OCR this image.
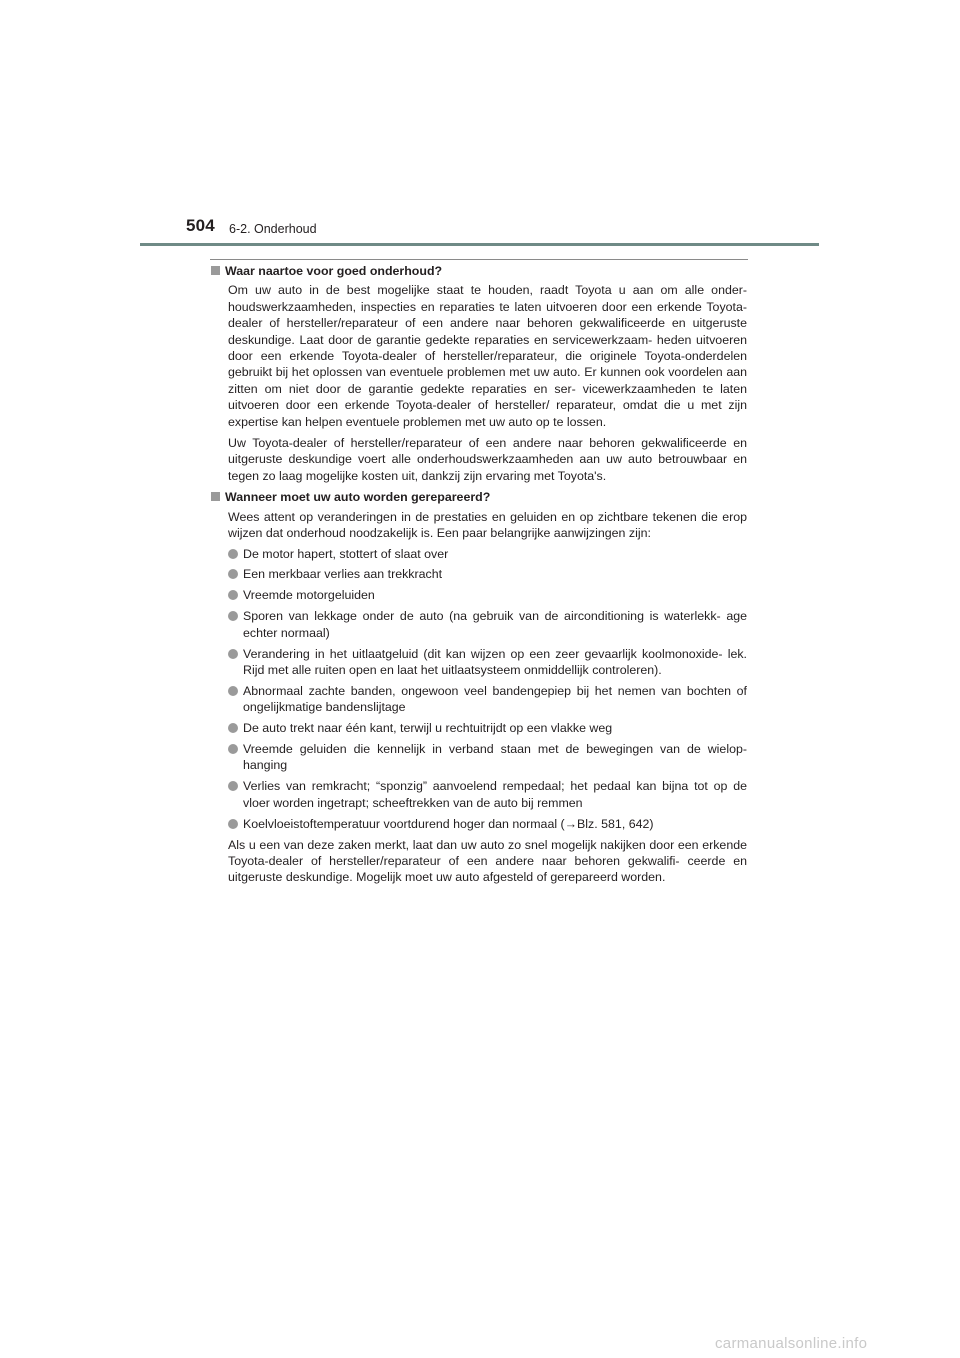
504 6-2. Onderhoud
Waar naartoe voor goed onderhoud?

Om uw auto in de best mogelijke staat te houden, raadt Toyota u aan om alle onder- houdswerkzaamheden, inspecties en reparaties te laten uitvoeren door een erkende Toyota-dealer of hersteller/reparateur of een andere naar behoren gekwalificeerde en uitgeruste deskundige. Laat door de garantie gedekte reparaties en servicewerkzaam- heden uitvoeren door een erkende Toyota-dealer of hersteller/reparateur, die originele Toyota-onderdelen gebruikt bij het oplossen van eventuele problemen met uw auto. Er kunnen ook voordelen aan zitten om niet door de garantie gedekte reparaties en ser- vicewerkzaamheden te laten uitvoeren door een erkende Toyota-dealer of hersteller/ reparateur, omdat die u met zijn expertise kan helpen eventuele problemen met uw auto op te lossen.

Uw Toyota-dealer of hersteller/reparateur of een andere naar behoren gekwalificeerde en uitgeruste deskundige voert alle onderhoudswerkzaamheden aan uw auto betrouwbaar en tegen zo laag mogelijke kosten uit, dankzij zijn ervaring met Toyota's.

Wanneer moet uw auto worden gerepareerd?

Wees attent op veranderingen in de prestaties en geluiden en op zichtbare tekenen die erop wijzen dat onderhoud noodzakelijk is. Een paar belangrijke aanwijzingen zijn:

De motor hapert, stottert of slaat over
Een merkbaar verlies aan trekkracht
Vreemde motorgeluiden
Sporen van lekkage onder de auto (na gebruik van de airconditioning is waterlekk- age echter normaal)
Verandering in het uitlaatgeluid (dit kan wijzen op een zeer gevaarlijk koolmonoxide- lek. Rijd met alle ruiten open en laat het uitlaatsysteem onmiddellijk controleren).
Abnormaal zachte banden, ongewoon veel bandengepiep bij het nemen van bochten of ongelijkmatige bandenslijtage
De auto trekt naar één kant, terwijl u rechtuitrijdt op een vlakke weg
Vreemde geluiden die kennelijk in verband staan met de bewegingen van de wielop- hanging
Verlies van remkracht; “sponzig” aanvoelend rempedaal; het pedaal kan bijna tot op de vloer worden ingetrapt; scheeftrekken van de auto bij remmen
Koelvloeistoftemperatuur voortdurend hoger dan normaal (→Blz. 581, 642)

Als u een van deze zaken merkt, laat dan uw auto zo snel mogelijk nakijken door een erkende Toyota-dealer of hersteller/reparateur of een andere naar behoren gekwalifi- ceerde en uitgeruste deskundige. Mogelijk moet uw auto afgesteld of gerepareerd worden.

carmanualsonline.info
